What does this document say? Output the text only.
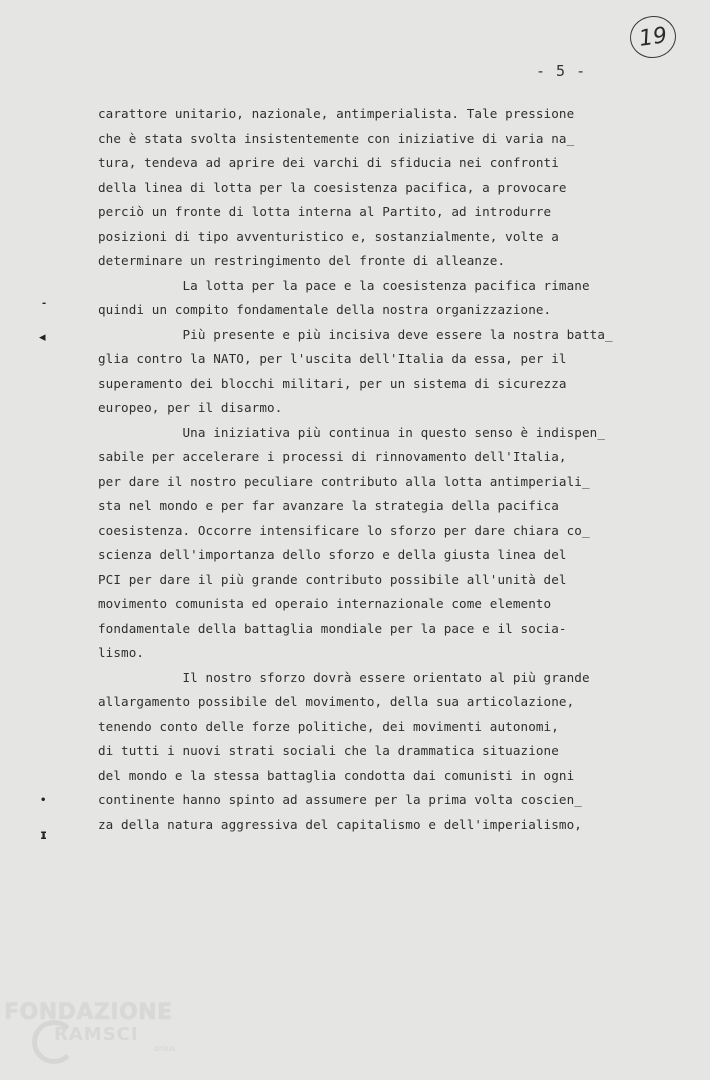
19
- 5 -
-
◂
•
ɪ
carattore unitario, nazionale, antimperialista. Tale pressione
che è stata svolta insistentemente con iniziative di varia na_
tura, tendeva ad aprire dei varchi di sfiducia nei confronti
della linea di lotta per la coesistenza pacifica, a provocare
perciò un fronte di lotta interna al Partito, ad introdurre
posizioni di tipo avventuristico e, sostanzialmente, volte a
determinare un restringimento del fronte di alleanze.
La lotta per la pace e la coesistenza pacifica rimane
quindi un compito fondamentale della nostra organizzazione.
Più presente e più incisiva deve essere la nostra batta_
glia contro la NATO, per l'uscita dell'Italia da essa, per il
superamento dei blocchi militari, per un sistema di sicurezza
europeo, per il disarmo.
Una iniziativa più continua in questo senso è indispen_
sabile per accelerare i processi di rinnovamento dell'Italia,
per dare il nostro peculiare contributo alla lotta antimperiali_
sta nel mondo e per far avanzare la strategia della pacifica
coesistenza. Occorre intensificare lo sforzo per dare chiara co_
scienza dell'importanza dello sforzo e della giusta linea del
PCI per dare il più grande contributo possibile all'unità del
movimento comunista ed operaio internazionale come elemento
fondamentale della battaglia mondiale per la pace e il socia-
lismo.
Il nostro sforzo dovrà essere orientato al più grande
allargamento possibile del movimento, della sua articolazione,
tenendo conto delle forze politiche, dei movimenti autonomi,
di tutti i nuovi strati sociali che la drammatica situazione
del mondo e la stessa battaglia condotta dai comunisti in ogni
continente hanno spinto ad assumere per la prima volta coscien_
za della natura aggressiva del capitalismo e dell'imperialismo,
FONDAZIONE
RAMSCI
onlus
